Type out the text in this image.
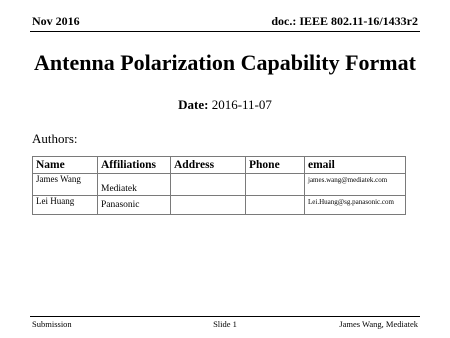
Nov 2016	doc.: IEEE 802.11-16/1433r2
Antenna Polarization Capability Format
Date: 2016-11-07
Authors:
Name	Affiliations	Address	Phone	email
James Wang	Mediatek			james.wang@mediatek.com
Lei Huang	Panasonic			Lei.Huang@sg.panasonic.com
Submission	Slide 1	James Wang, Mediatek
